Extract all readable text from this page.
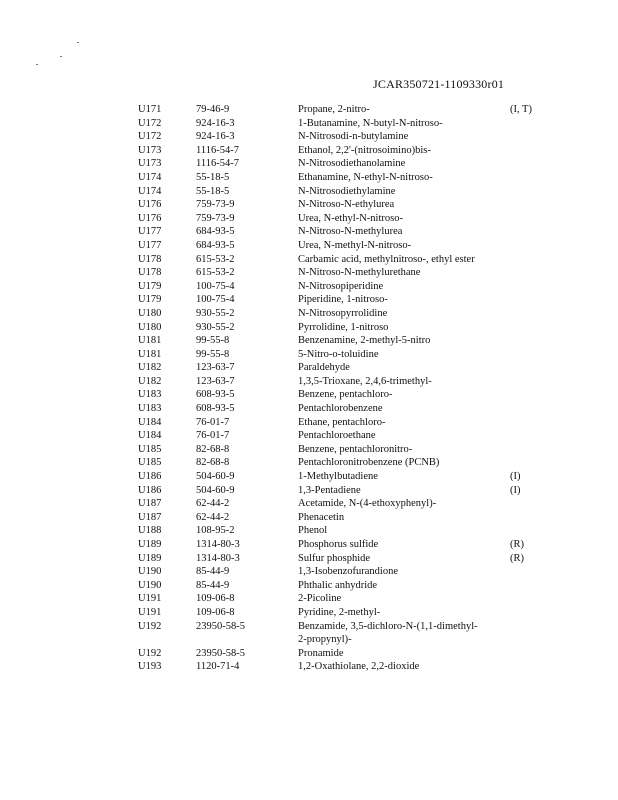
JCAR350721-1109330r01
U171	79-46-9	Propane, 2-nitro-	(I, T)
U172	924-16-3	1-Butanamine, N-butyl-N-nitroso-
U172	924-16-3	N-Nitrosodi-n-butylamine
U173	1116-54-7	Ethanol, 2,2'-(nitrosoimino)bis-
U173	1116-54-7	N-Nitrosodiethanolamine
U174	55-18-5	Ethanamine, N-ethyl-N-nitroso-
U174	55-18-5	N-Nitrosodiethylamine
U176	759-73-9	N-Nitroso-N-ethylurea
U176	759-73-9	Urea, N-ethyl-N-nitroso-
U177	684-93-5	N-Nitroso-N-methylurea
U177	684-93-5	Urea, N-methyl-N-nitroso-
U178	615-53-2	Carbamic acid, methylnitroso-, ethyl ester
U178	615-53-2	N-Nitroso-N-methylurethane
U179	100-75-4	N-Nitrosopiperidine
U179	100-75-4	Piperidine, 1-nitroso-
U180	930-55-2	N-Nitrosopyrrolidine
U180	930-55-2	Pyrrolidine, 1-nitroso
U181	99-55-8	Benzenamine, 2-methyl-5-nitro
U181	99-55-8	5-Nitro-o-toluidine
U182	123-63-7	Paraldehyde
U182	123-63-7	1,3,5-Trioxane, 2,4,6-trimethyl-
U183	608-93-5	Benzene, pentachloro-
U183	608-93-5	Pentachlorobenzene
U184	76-01-7	Ethane, pentachloro-
U184	76-01-7	Pentachloroethane
U185	82-68-8	Benzene, pentachloronitro-
U185	82-68-8	Pentachloronitrobenzene (PCNB)
U186	504-60-9	1-Methylbutadiene	(I)
U186	504-60-9	1,3-Pentadiene	(I)
U187	62-44-2	Acetamide, N-(4-ethoxyphenyl)-
U187	62-44-2	Phenacetin
U188	108-95-2	Phenol
U189	1314-80-3	Phosphorus sulfide	(R)
U189	1314-80-3	Sulfur phosphide	(R)
U190	85-44-9	1,3-Isobenzofurandione
U190	85-44-9	Phthalic anhydride
U191	109-06-8	2-Picoline
U191	109-06-8	Pyridine, 2-methyl-
U192	23950-58-5	Benzamide, 3,5-dichloro-N-(1,1-dimethyl-2-propynyl)-
U192	23950-58-5	Pronamide
U193	1120-71-4	1,2-Oxathiolane, 2,2-dioxide
